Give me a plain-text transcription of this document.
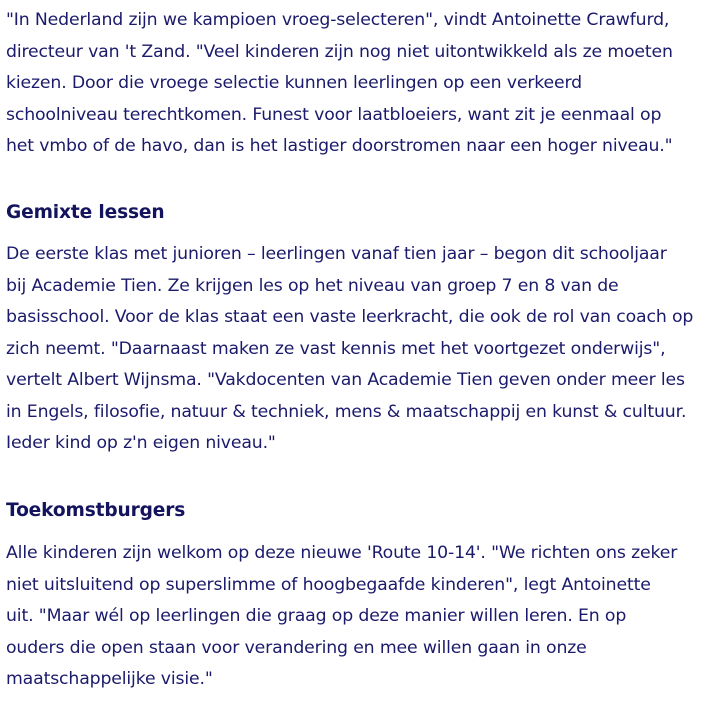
"In Nederland zijn we kampioen vroeg-selecteren", vindt Antoinette Crawfurd,
directeur van 't Zand. "Veel kinderen zijn nog niet uitontwikkeld als ze moeten
kiezen. Door die vroege selectie kunnen leerlingen op een verkeerd
schoolniveau terechtkomen. Funest voor laatbloeiers, want zit je eenmaal op
het vmbo of de havo, dan is het lastiger doorstromen naar een hoger niveau."
Gemixte lessen
De eerste klas met junioren – leerlingen vanaf tien jaar – begon dit schooljaar
bij Academie Tien. Ze krijgen les op het niveau van groep 7 en 8 van de
basisschool. Voor de klas staat een vaste leerkracht, die ook de rol van coach op
zich neemt. "Daarnaast maken ze vast kennis met het voortgezet onderwijs",
vertelt Albert Wijnsma. "Vakdocenten van Academie Tien geven onder meer les
in Engels, filosofie, natuur & techniek, mens & maatschappij en kunst & cultuur.
Ieder kind op z'n eigen niveau."
Toekomstburgers
Alle kinderen zijn welkom op deze nieuwe 'Route 10-14'. "We richten ons zeker
niet uitsluitend op superslimme of hoogbegaafde kinderen", legt Antoinette
uit. "Maar wél op leerlingen die graag op deze manier willen leren. En op
ouders die open staan voor verandering en mee willen gaan in onze
maatschappelijke visie."
